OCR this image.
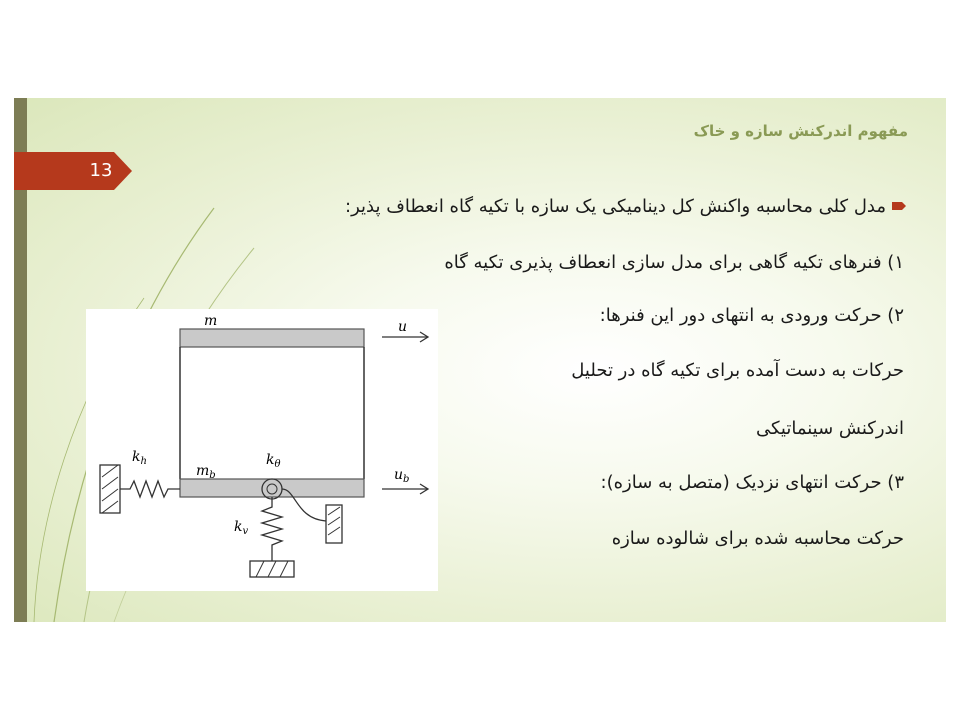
مفهوم اندرکنش سازه و خاک
13
مدل کلی محاسبه واکنش کل دینامیکی یک سازه با تکیه گاه انعطاف پذیر:
۱) فنرهای تکیه گاهی برای مدل سازی انعطاف پذیری تکیه گاه
۲) حرکت ورودی به انتهای دور این فنرها:
حرکات به دست آمده برای تکیه گاه در تحلیل
اندرکنش سینماتیکی
۳) حرکت انتهای نزدیک (متصل به سازه):
حرکت محاسبه شده برای شالوده سازه
m
$m_b$
$k_h$	$k_\theta$
$k_v$
u
$u_b$
